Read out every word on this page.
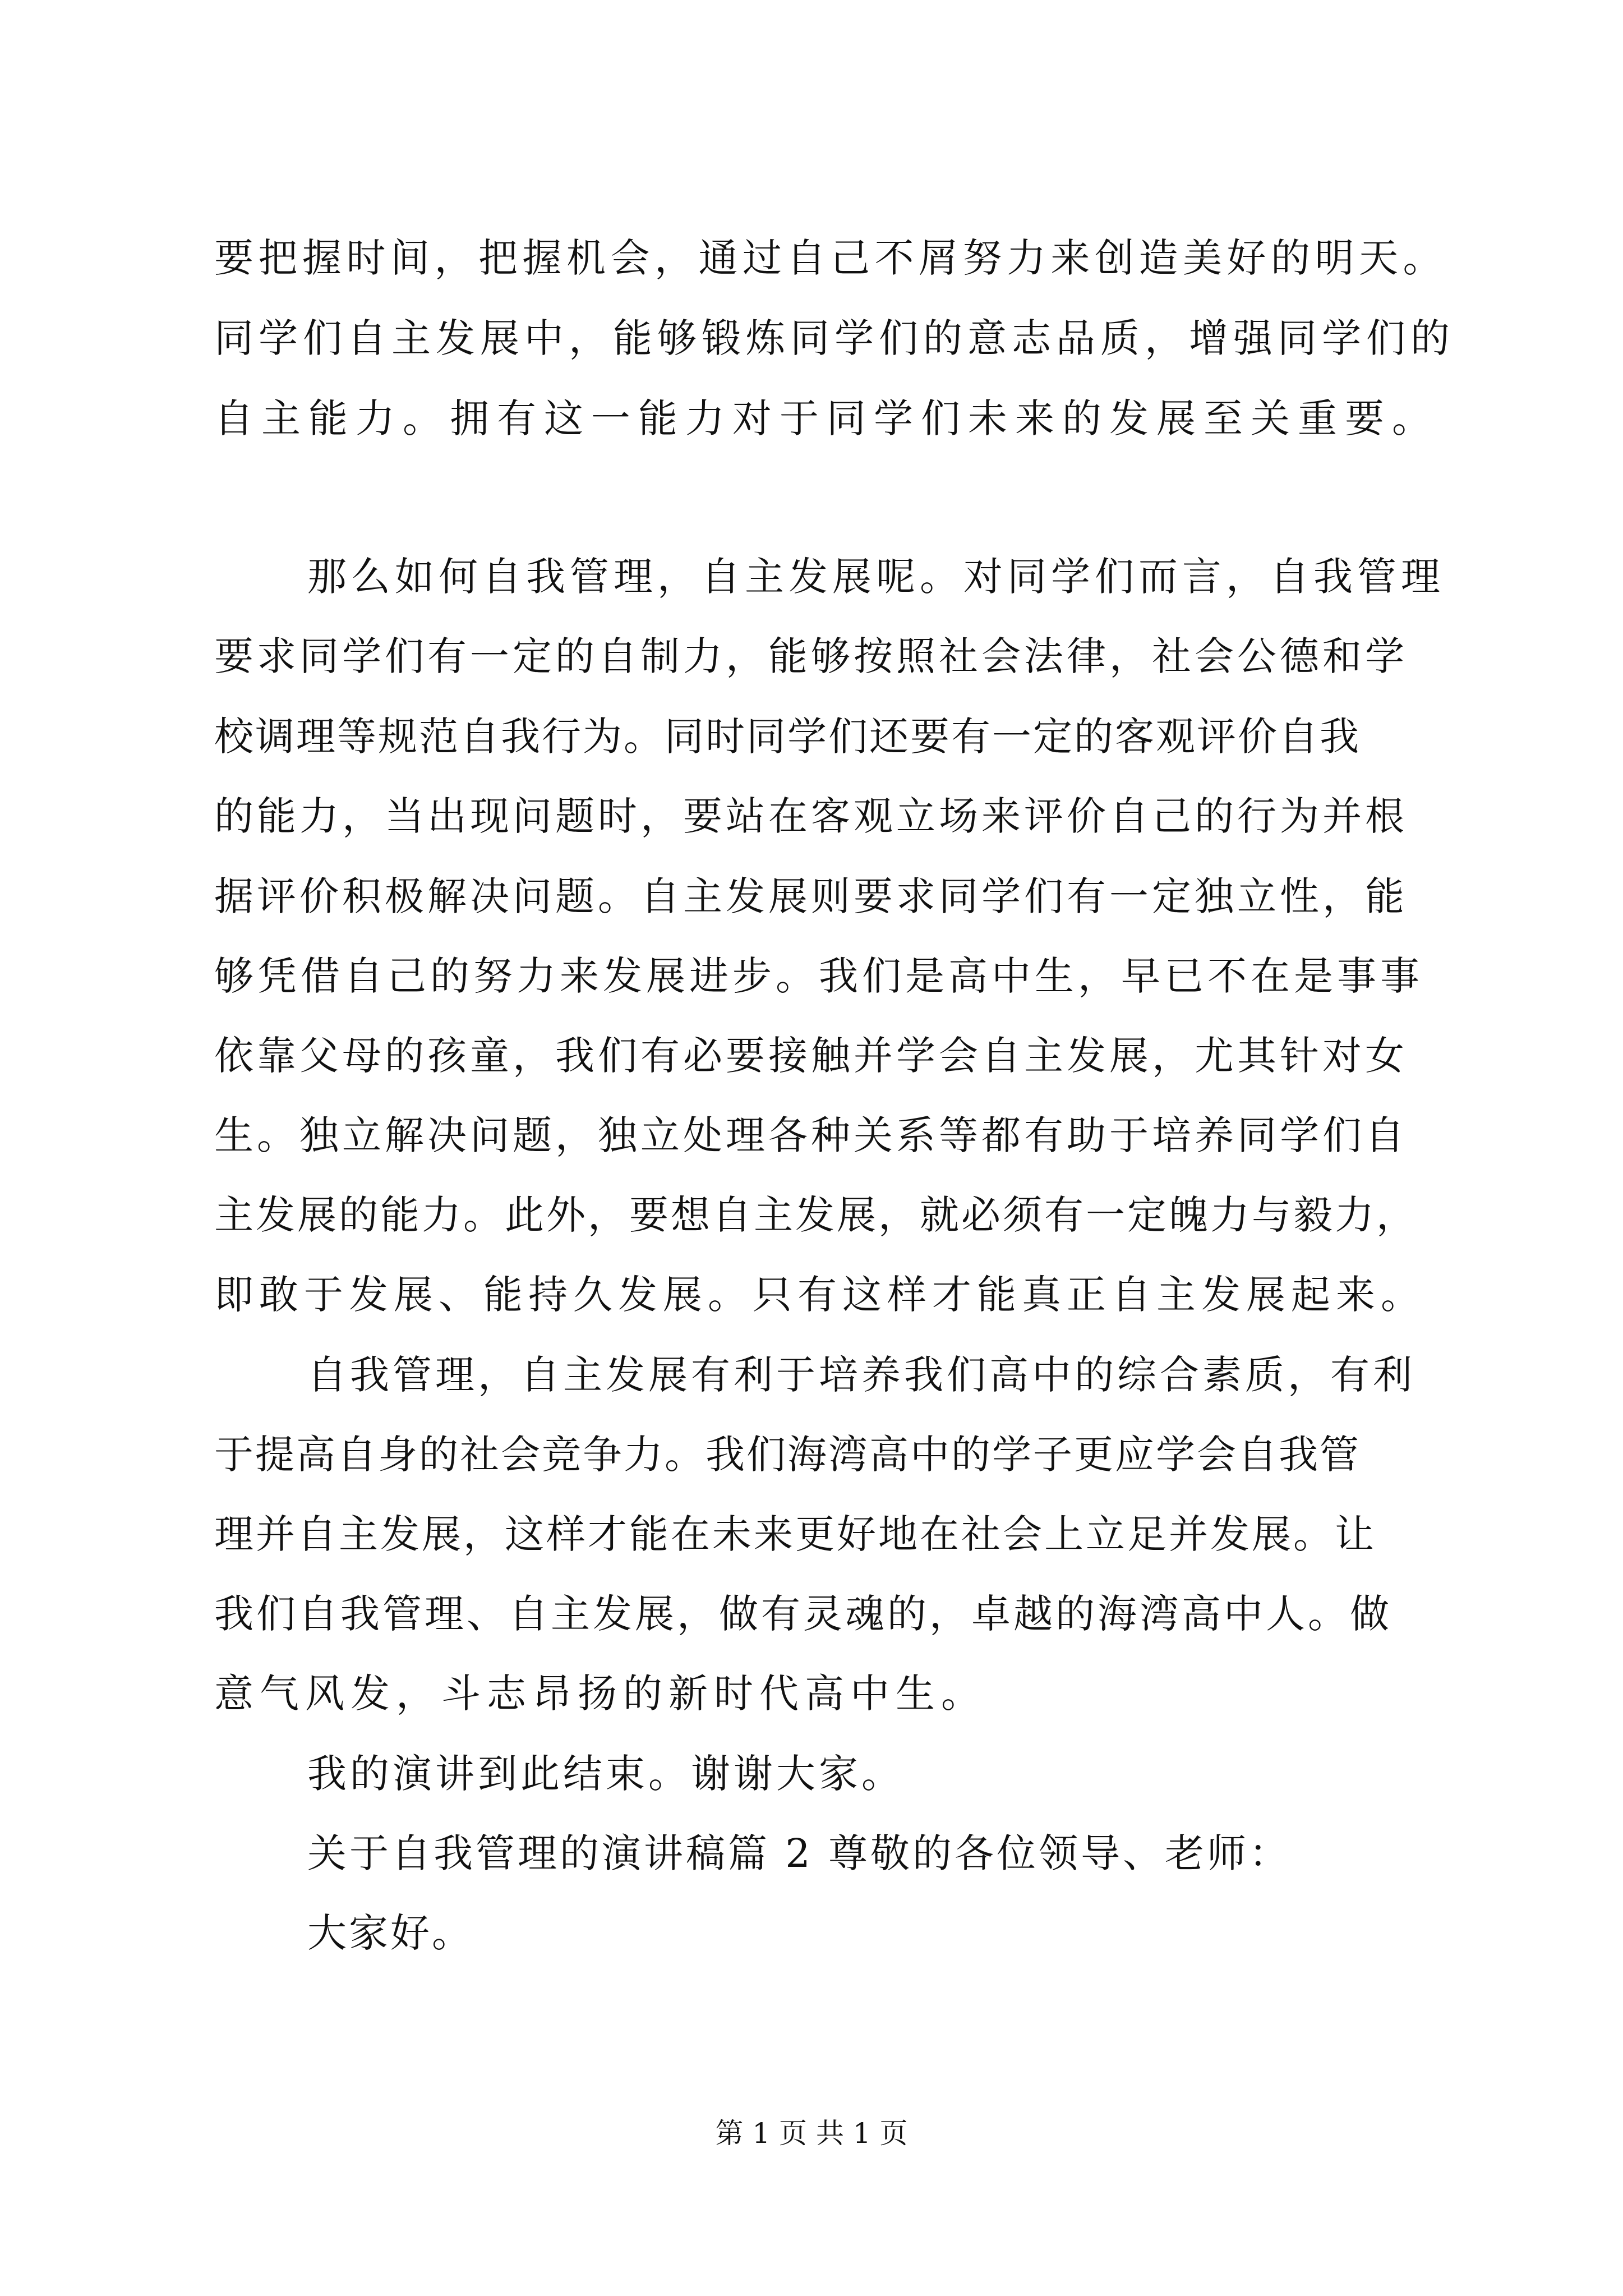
要把握时间，把握机会，通过自己不屑努力来创造美好的明天。
同学们自主发展中，能够锻炼同学们的意志品质，增强同学们的
自主能力。拥有这一能力对于同学们未来的发展至关重要。
那么如何自我管理，自主发展呢。对同学们而言，自我管理
要求同学们有一定的自制力，能够按照社会法律，社会公德和学
校调理等规范自我行为。同时同学们还要有一定的客观评价自我
的能力，当出现问题时，要站在客观立场来评价自己的行为并根
据评价积极解决问题。自主发展则要求同学们有一定独立性，能
够凭借自己的努力来发展进步。我们是高中生，早已不在是事事
依靠父母的孩童，我们有必要接触并学会自主发展，尤其针对女
生。独立解决问题，独立处理各种关系等都有助于培养同学们自
主发展的能力。此外，要想自主发展，就必须有一定魄力与毅力，
即敢于发展、能持久发展。只有这样才能真正自主发展起来。
自我管理，自主发展有利于培养我们高中的综合素质，有利
于提高自身的社会竞争力。我们海湾高中的学子更应学会自我管
理并自主发展，这样才能在未来更好地在社会上立足并发展。让
我们自我管理、自主发展，做有灵魂的，卓越的海湾高中人。做
意气风发，斗志昂扬的新时代高中生。
我的演讲到此结束。谢谢大家。
关于自我管理的演讲稿篇 2 尊敬的各位领导、老师：
大家好。
第 1 页 共 1 页
